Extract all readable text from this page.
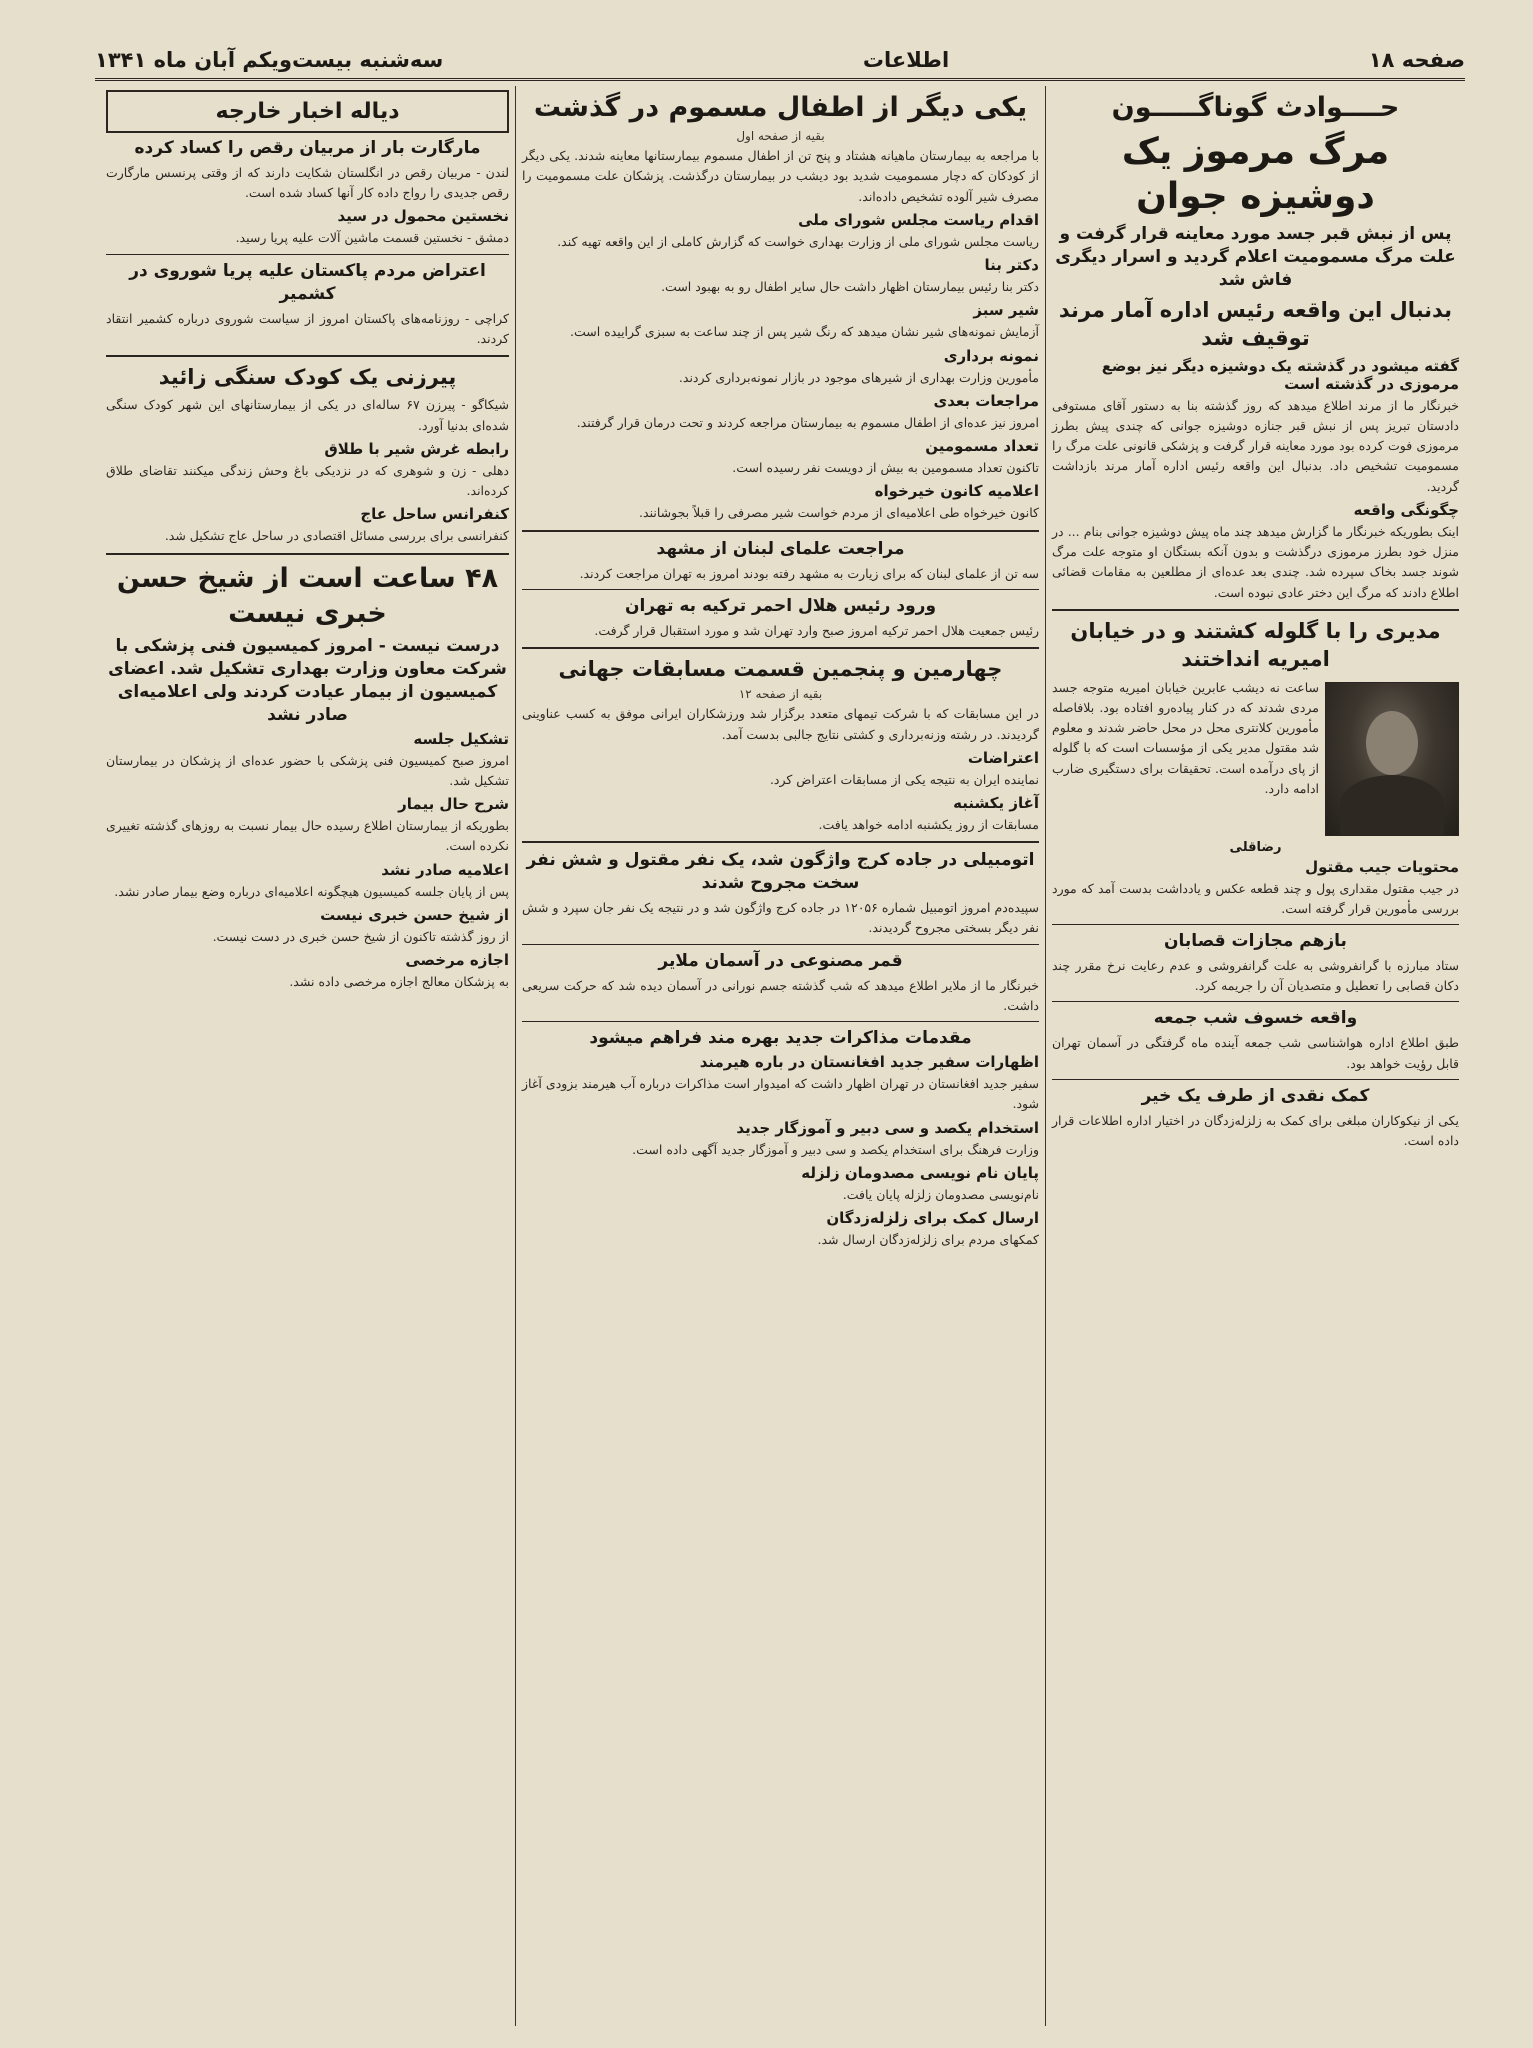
صفحه ۱۸
اطلاعات
سه‌شنبه بیست‌ویکم آبان ماه ۱۳۴۱
حــــوادث گوناگـــــون
مرگ مرموز یک دوشیزه جوان
پس از نبش قبر جسد مورد معاینه قرار گرفت و علت مرگ مسمومیت اعلام گردید و اسرار دیگری فاش شد
بدنبال این واقعه رئیس اداره آمار مرند توقیف شد
گفته میشود در گذشته یک دوشیزه دیگر نیز بوضع مرموزی در گذشته است
خبرنگار ما از مرند اطلاع میدهد که روز گذشته بنا به دستور آقای مستوفی دادستان تبریز پس از نبش قبر جنازه دوشیزه جوانی که چندی پیش بطرز مرموزی فوت کرده بود مورد معاینه قرار گرفت و پزشکی قانونی علت مرگ را مسمومیت تشخیص داد. بدنبال این واقعه رئیس اداره آمار مرند بازداشت گردید.
چگونگی واقعه
اینک بطوریکه خبرنگار ما گزارش میدهد چند ماه پیش دوشیزه جوانی بنام ... در منزل خود بطرز مرموزی درگذشت و بدون آنکه بستگان او متوجه علت مرگ شوند جسد بخاک سپرده شد. چندی بعد عده‌ای از مطلعین به مقامات قضائی اطلاع دادند که مرگ این دختر عادی نبوده است.
مدیری را با گلوله کشتند و در خیابان امیریه انداختند
ساعت نه دیشب عابرین خیابان امیریه متوجه جسد مردی شدند که در کنار پیاده‌رو افتاده بود. بلافاصله مأمورین کلانتری محل در محل حاضر شدند و معلوم شد مقتول مدیر یکی از مؤسسات است که با گلوله از پای درآمده است. تحقیقات برای دستگیری ضارب ادامه دارد.
رضاقلی
محتویات جیب مقتول
در جیب مقتول مقداری پول و چند قطعه عکس و یادداشت بدست آمد که مورد بررسی مأمورین قرار گرفته است.
بازهم مجازات قصابان
ستاد مبارزه با گرانفروشی به علت گرانفروشی و عدم رعایت نرخ مقرر چند دکان قصابی را تعطیل و متصدیان آن را جریمه کرد.
واقعه خسوف شب جمعه
طبق اطلاع اداره هواشناسی شب جمعه آینده ماه گرفتگی در آسمان تهران قابل رؤیت خواهد بود.
کمک نقدی از طرف یک خیر
یکی از نیکوکاران مبلغی برای کمک به زلزله‌زدگان در اختیار اداره اطلاعات قرار داده است.
یکی دیگر از اطفال مسموم در گذشت
بقیه از صفحه اول
با مراجعه به بیمارستان ماهیانه هشتاد و پنج تن از اطفال مسموم بیمارستانها معاینه شدند. یکی دیگر از کودکان که دچار مسمومیت شدید بود دیشب در بیمارستان درگذشت. پزشکان علت مسمومیت را مصرف شیر آلوده تشخیص داده‌اند.
اقدام ریاست مجلس شورای ملی
ریاست مجلس شورای ملی از وزارت بهداری خواست که گزارش کاملی از این واقعه تهیه کند.
دکتر بنا
دکتر بنا رئیس بیمارستان اظهار داشت حال سایر اطفال رو به بهبود است.
شیر سبز
آزمایش نمونه‌های شیر نشان میدهد که رنگ شیر پس از چند ساعت به سبزی گراییده است.
نمونه برداری
مأمورین وزارت بهداری از شیرهای موجود در بازار نمونه‌برداری کردند.
مراجعات بعدی
امروز نیز عده‌ای از اطفال مسموم به بیمارستان مراجعه کردند و تحت درمان قرار گرفتند.
تعداد مسمومین
تاکنون تعداد مسمومین به بیش از دویست نفر رسیده است.
اعلامیه کانون خیرخواه
کانون خیرخواه طی اعلامیه‌ای از مردم خواست شیر مصرفی را قبلاً بجوشانند.
مراجعت علمای لبنان از مشهد
سه تن از علمای لبنان که برای زیارت به مشهد رفته بودند امروز به تهران مراجعت کردند.
ورود رئیس هلال احمر ترکیه به تهران
رئیس جمعیت هلال احمر ترکیه امروز صبح وارد تهران شد و مورد استقبال قرار گرفت.
چهارمین و پنجمین قسمت مسابقات جهانی
بقیه از صفحه ۱۲
در این مسابقات که با شرکت تیمهای متعدد برگزار شد ورزشکاران ایرانی موفق به کسب عناوینی گردیدند. در رشته وزنه‌برداری و کشتی نتایج جالبی بدست آمد.
اعتراضات
نماینده ایران به نتیجه یکی از مسابقات اعتراض کرد.
آغاز یکشنبه
مسابقات از روز یکشنبه ادامه خواهد یافت.
اتومبیلی در جاده کرج واژگون شد، یک نفر مقتول و شش نفر سخت مجروح شدند
سپیده‌دم امروز اتومبیل شماره ۱۲۰۵۶ در جاده کرج واژگون شد و در نتیجه یک نفر جان سپرد و شش نفر دیگر بسختی مجروح گردیدند.
قمر مصنوعی در آسمان ملایر
خبرنگار ما از ملایر اطلاع میدهد که شب گذشته جسم نورانی در آسمان دیده شد که حرکت سریعی داشت.
مقدمات مذاکرات جدید بهره مند فراهم میشود
اظهارات سفیر جدید افغانستان در باره هیرمند
سفیر جدید افغانستان در تهران اظهار داشت که امیدوار است مذاکرات درباره آب هیرمند بزودی آغاز شود.
استخدام یکصد و سی دبیر و آموزگار جدید
وزارت فرهنگ برای استخدام یکصد و سی دبیر و آموزگار جدید آگهی داده است.
پایان نام نویسی مصدومان زلزله
نام‌نویسی مصدومان زلزله پایان یافت.
ارسال کمک برای زلزله‌زدگان
کمکهای مردم برای زلزله‌زدگان ارسال شد.
دیاله اخبار خارجه
مارگارت بار از مربیان رقص را کساد کرده
لندن - مربیان رقص در انگلستان شکایت دارند که از وقتی پرنسس مارگارت رقص جدیدی را رواج داده کار آنها کساد شده است.
نخستین محمول در سید
دمشق - نخستین قسمت ماشین آلات علیه پریا رسید.
اعتراض مردم پاکستان علیه پریا شوروی در کشمیر
کراچی - روزنامه‌های پاکستان امروز از سیاست شوروی درباره کشمیر انتقاد کردند.
پیرزنی یک کودک سنگی زائید
شیکاگو - پیرزن ۶۷ ساله‌ای در یکی از بیمارستانهای این شهر کودک سنگی شده‌ای بدنیا آورد.
رابطه غرش شیر با طلاق
دهلی - زن و شوهری که در نزدیکی باغ وحش زندگی میکنند تقاضای طلاق کرده‌اند.
کنفرانس ساحل عاج
کنفرانسی برای بررسی مسائل اقتصادی در ساحل عاج تشکیل شد.
۴۸ ساعت است از شیخ حسن خبری نیست
درست نیست - امروز کمیسیون فنی پزشکی با شرکت معاون وزارت بهداری تشکیل شد. اعضای کمیسیون از بیمار عیادت کردند ولی اعلامیه‌ای صادر نشد
تشکیل جلسه
امروز صبح کمیسیون فنی پزشکی با حضور عده‌ای از پزشکان در بیمارستان تشکیل شد.
شرح حال بیمار
بطوریکه از بیمارستان اطلاع رسیده حال بیمار نسبت به روزهای گذشته تغییری نکرده است.
اعلامیه صادر نشد
پس از پایان جلسه کمیسیون هیچگونه اعلامیه‌ای درباره وضع بیمار صادر نشد.
از شیخ حسن خبری نیست
از روز گذشته تاکنون از شیخ حسن خبری در دست نیست.
اجازه مرخصی
به پزشکان معالج اجازه مرخصی داده نشد.
